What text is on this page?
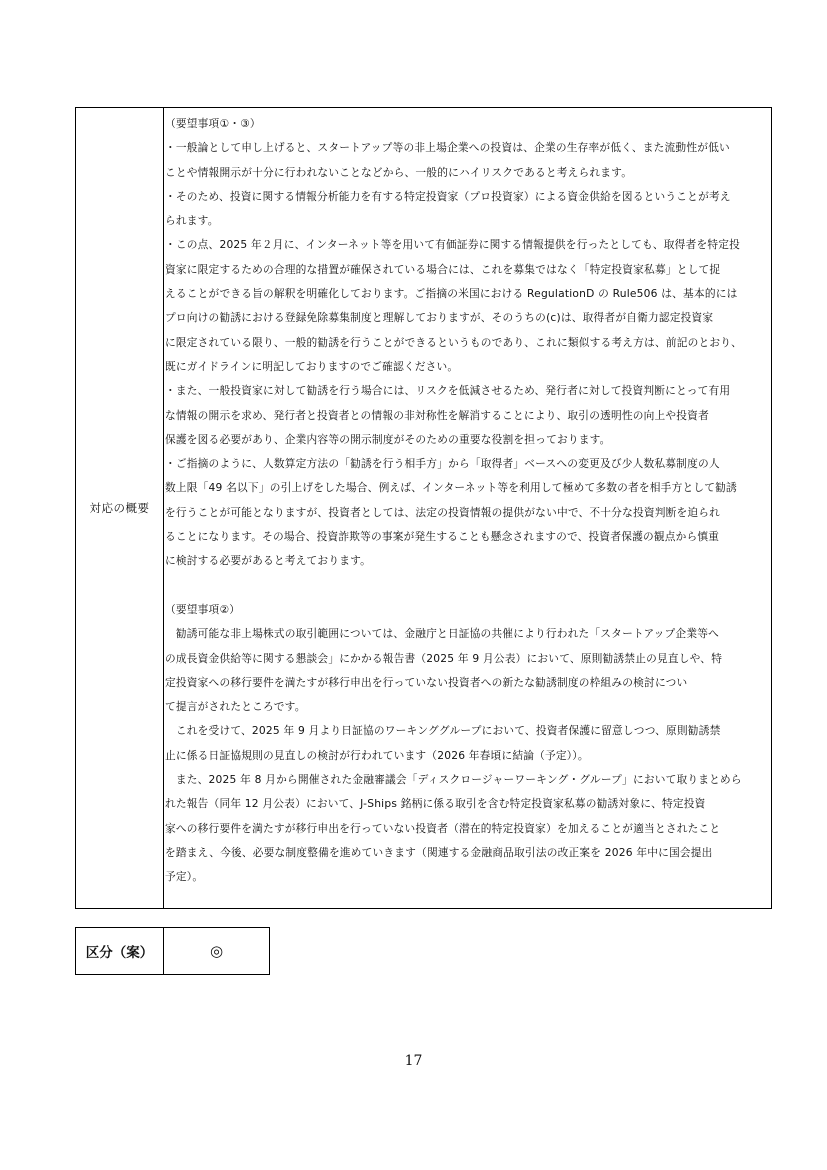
対応の概要
（要望事項①・③）
・一般論として申し上げると、スタートアップ等の非上場企業への投資は、企業の生存率が低く、また流動性が低い
ことや情報開示が十分に行われないことなどから、一般的にハイリスクであると考えられます。
・そのため、投資に関する情報分析能力を有する特定投資家（プロ投資家）による資金供給を図るということが考え
られます。
・この点、2025 年２月に、インターネット等を用いて有価証券に関する情報提供を行ったとしても、取得者を特定投
資家に限定するための合理的な措置が確保されている場合には、これを募集ではなく「特定投資家私募」として捉
えることができる旨の解釈を明確化しております。ご指摘の米国における RegulationD の Rule506 は、基本的には
プロ向けの勧誘における登録免除募集制度と理解しておりますが、そのうちの(c)は、取得者が自衛力認定投資家
に限定されている限り、一般的勧誘を行うことができるというものであり、これに類似する考え方は、前記のとおり、
既にガイドラインに明記しておりますのでご確認ください。
・また、一般投資家に対して勧誘を行う場合には、リスクを低減させるため、発行者に対して投資判断にとって有用
な情報の開示を求め、発行者と投資者との情報の非対称性を解消することにより、取引の透明性の向上や投資者
保護を図る必要があり、企業内容等の開示制度がそのための重要な役割を担っております。
・ご指摘のように、人数算定方法の「勧誘を行う相手方」から「取得者」ベースへの変更及び少人数私募制度の人
数上限「49 名以下」の引上げをした場合、例えば、インターネット等を利用して極めて多数の者を相手方として勧誘
を行うことが可能となりますが、投資者としては、法定の投資情報の提供がない中で、不十分な投資判断を迫られ
ることになります。その場合、投資詐欺等の事案が発生することも懸念されますので、投資者保護の観点から慎重
に検討する必要があると考えております。
（要望事項②）
　勧誘可能な非上場株式の取引範囲については、金融庁と日証協の共催により行われた「スタートアップ企業等へ
の成長資金供給等に関する懇談会」にかかる報告書（2025 年 9 月公表）において、原則勧誘禁止の見直しや、特
定投資家への移行要件を満たすが移行申出を行っていない投資者への新たな勧誘制度の枠組みの検討につい
て提言がされたところです。
　これを受けて、2025 年 9 月より日証協のワーキンググループにおいて、投資者保護に留意しつつ、原則勧誘禁
止に係る日証協規則の見直しの検討が行われています（2026 年春頃に結論（予定））。
　また、2025 年 8 月から開催された金融審議会「ディスクロージャーワーキング・グループ」において取りまとめら
れた報告（同年 12 月公表）において、J-Ships 銘柄に係る取引を含む特定投資家私募の勧誘対象に、特定投資
家への移行要件を満たすが移行申出を行っていない投資者（潜在的特定投資家）を加えることが適当とされたこと
を踏まえ、今後、必要な制度整備を進めていきます（関連する金融商品取引法の改正案を 2026 年中に国会提出
予定）。
区分（案）	◎
17
